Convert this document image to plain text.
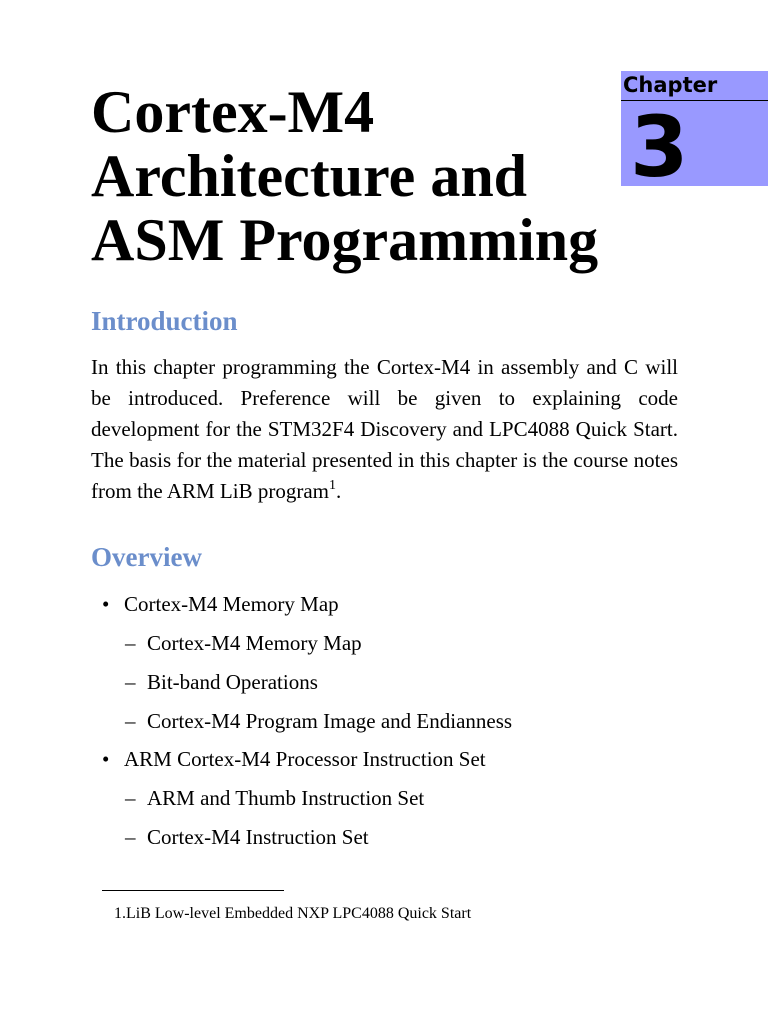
Chapter
3
Cortex-M4
Architecture and
ASM Programming
Introduction

In this chapter programming the Cortex-M4 in assembly and C will be introduced. Preference will be given to explaining code development for the STM32F4 Discovery and LPC4088 Quick Start. The basis for the material presented in this chapter is the course notes from the ARM LiB program$^1$.

Overview
• Cortex-M4 Memory Map
– Cortex-M4 Memory Map
– Bit-band Operations
– Cortex-M4 Program Image and Endianness
• ARM Cortex-M4 Processor Instruction Set
– ARM and Thumb Instruction Set
– Cortex-M4 Instruction Set

1.LiB Low-level Embedded NXP LPC4088 Quick Start
